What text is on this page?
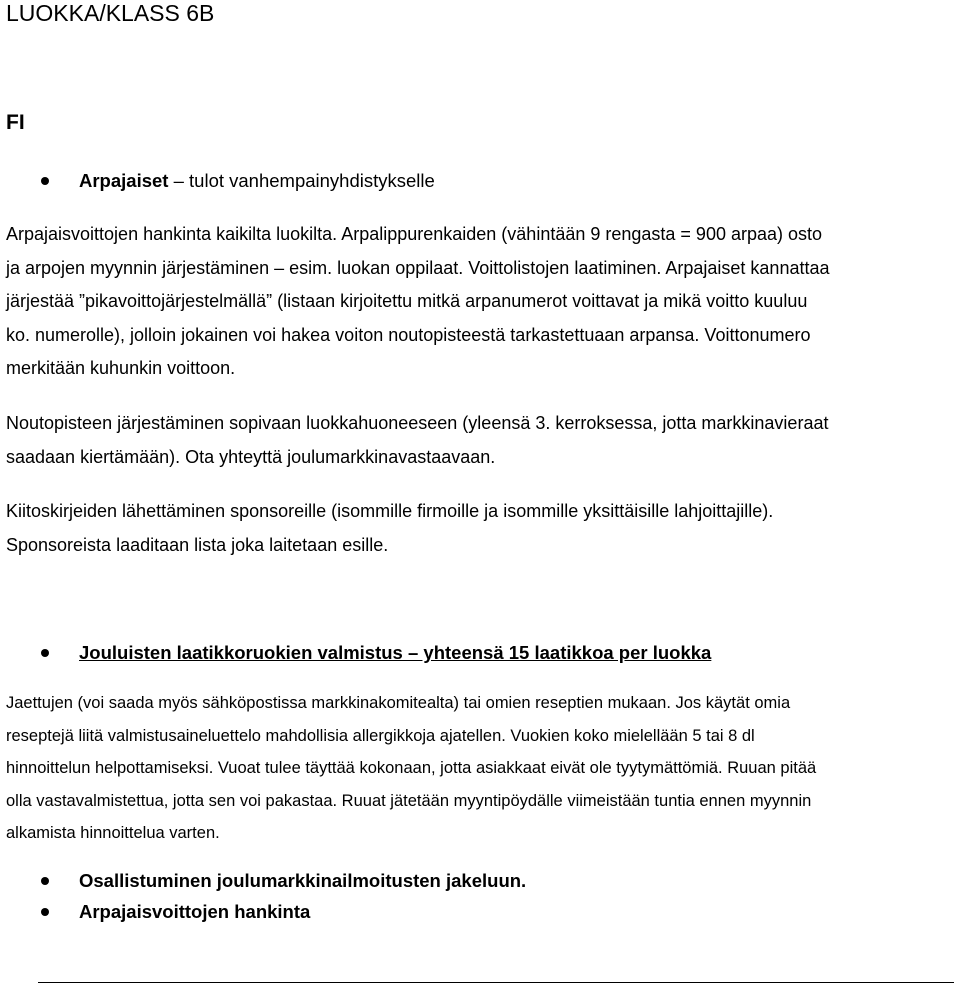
LUOKKA/KLASS 6B
FI
Arpajaiset – tulot vanhempainyhdistykselle
Arpajaisvoittojen hankinta kaikilta luokilta. Arpalippurenkaiden (vähintään 9 rengasta = 900 arpaa) osto
ja arpojen myynnin järjestäminen – esim. luokan oppilaat. Voittolistojen laatiminen. Arpajaiset kannattaa
järjestää ”pikavoittojärjestelmällä” (listaan kirjoitettu mitkä arpanumerot voittavat ja mikä voitto kuuluu
ko. numerolle), jolloin jokainen voi hakea voiton noutopisteestä tarkastettuaan arpansa. Voittonumero
merkitään kuhunkin voittoon.
Noutopisteen järjestäminen sopivaan luokkahuoneeseen (yleensä 3. kerroksessa, jotta markkinavieraat
saadaan kiertämään). Ota yhteyttä joulumarkkinavastaavaan.
Kiitoskirjeiden lähettäminen sponsoreille (isommille firmoille ja isommille yksittäisille lahjoittajille).
Sponsoreista laaditaan lista joka laitetaan esille.
Jouluisten laatikkoruokien valmistus – yhteensä 15 laatikkoa per luokka
Jaettujen (voi saada myös sähköpostissa markkinakomitealta) tai omien reseptien mukaan. Jos käytät omia
reseptejä liitä valmistusaineluettelo mahdollisia allergikkoja ajatellen. Vuokien koko mielellään 5 tai 8 dl
hinnoittelun helpottamiseksi. Vuoat tulee täyttää kokonaan, jotta asiakkaat eivät ole tyytymättömiä. Ruuan pitää
olla vastavalmistettua, jotta sen voi pakastaa. Ruuat jätetään myyntipöydälle viimeistään tuntia ennen myynnin
alkamista hinnoittelua varten.
Osallistuminen joulumarkkinailmoitusten jakeluun.
Arpajaisvoittojen hankinta
